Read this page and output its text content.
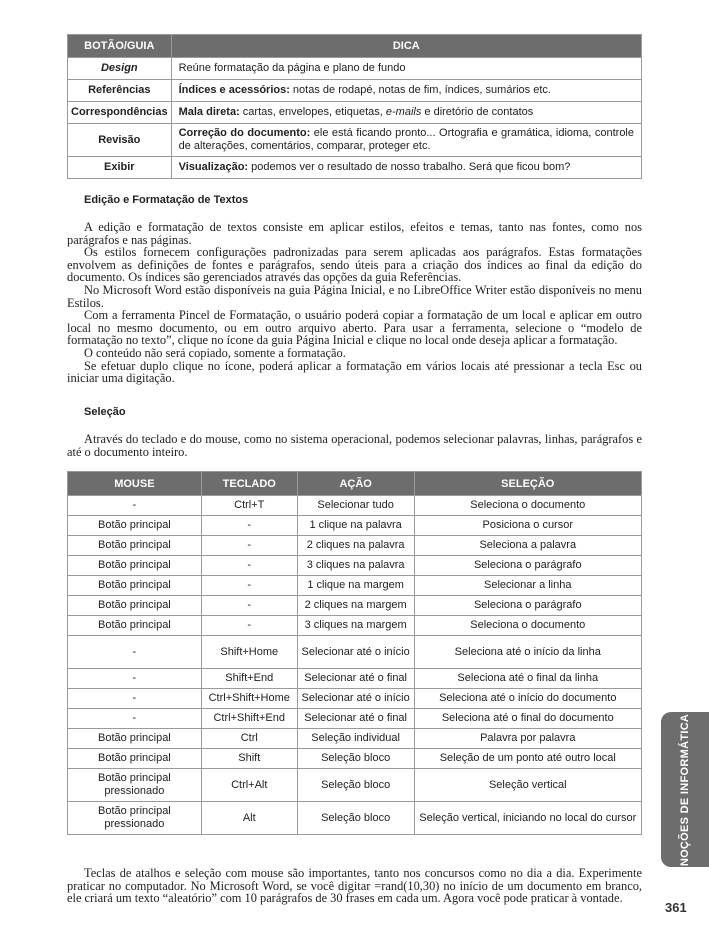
BOTÃO/GUIA	DICA
Design	Reúne formatação da página e plano de fundo
Referências	Índices e acessórios: notas de rodapé, notas de fim, índices, sumários etc.
Correspondências	Mala direta: cartas, envelopes, etiquetas, e-mails e diretório de contatos
Revisão	Correção do documento: ele está ficando pronto... Ortografia e gramática, idioma, controle de alterações, comentários, comparar, proteger etc.
Exibir	Visualização: podemos ver o resultado de nosso trabalho. Será que ficou bom?
Edição e Formatação de Textos

A edição e formatação de textos consiste em aplicar estilos, efeitos e temas, tanto nas fontes, como nos parágrafos e nas páginas.

Os estilos fornecem configurações padronizadas para serem aplicadas aos parágrafos. Estas formatações envolvem as definições de fontes e parágrafos, sendo úteis para a criação dos índices ao final da edição do documento. Os índices são gerenciados através das opções da guia Referências.

No Microsoft Word estão disponíveis na guia Página Inicial, e no LibreOffice Writer estão disponíveis no menu Estilos.

Com a ferramenta Pincel de Formatação, o usuário poderá copiar a formatação de um local e aplicar em outro local no mesmo documento, ou em outro arquivo aberto. Para usar a ferramenta, selecione o “modelo de formatação no texto”, clique no ícone da guia Página Inicial e clique no local onde deseja aplicar a formatação.

O conteúdo não será copiado, somente a formatação.

Se efetuar duplo clique no ícone, poderá aplicar a formatação em vários locais até pressionar a tecla Esc ou iniciar uma digitação.

Seleção

Através do teclado e do mouse, como no sistema operacional, podemos selecionar palavras, linhas, parágrafos e até o documento inteiro.

MOUSE	TECLADO	AÇÃO	SELEÇÃO
-	Ctrl+T	Selecionar tudo	Seleciona o documento
Botão principal	-	1 clique na palavra	Posiciona o cursor
Botão principal	-	2 cliques na palavra	Seleciona a palavra
Botão principal	-	3 cliques na palavra	Seleciona o parágrafo
Botão principal	-	1 clique na margem	Selecionar a linha
Botão principal	-	2 cliques na margem	Seleciona o parágrafo
Botão principal	-	3 cliques na margem	Seleciona o documento
-	Shift+Home	Selecionar até o início	Seleciona até o início da linha
-	Shift+End	Selecionar até o final	Seleciona até o final da linha
-	Ctrl+Shift+Home	Selecionar até o início	Seleciona até o início do documento
-	Ctrl+Shift+End	Selecionar até o final	Seleciona até o final do documento
Botão principal	Ctrl	Seleção individual	Palavra por palavra
Botão principal	Shift	Seleção bloco	Seleção de um ponto até outro local
Botão principal pressionado	Ctrl+Alt	Seleção bloco	Seleção vertical
Botão principal pressionado	Alt	Seleção bloco	Seleção vertical, iniciando no local do cursor

Teclas de atalhos e seleção com mouse são importantes, tanto nos concursos como no dia a dia. Experimente praticar no computador. No Microsoft Word, se você digitar =rand(10,30) no início de um documento em branco, ele criará um texto “aleatório” com 10 parágrafos de 30 frases em cada um. Agora você pode praticar à vontade.

NOÇÕES DE INFORMÁTICA
361
